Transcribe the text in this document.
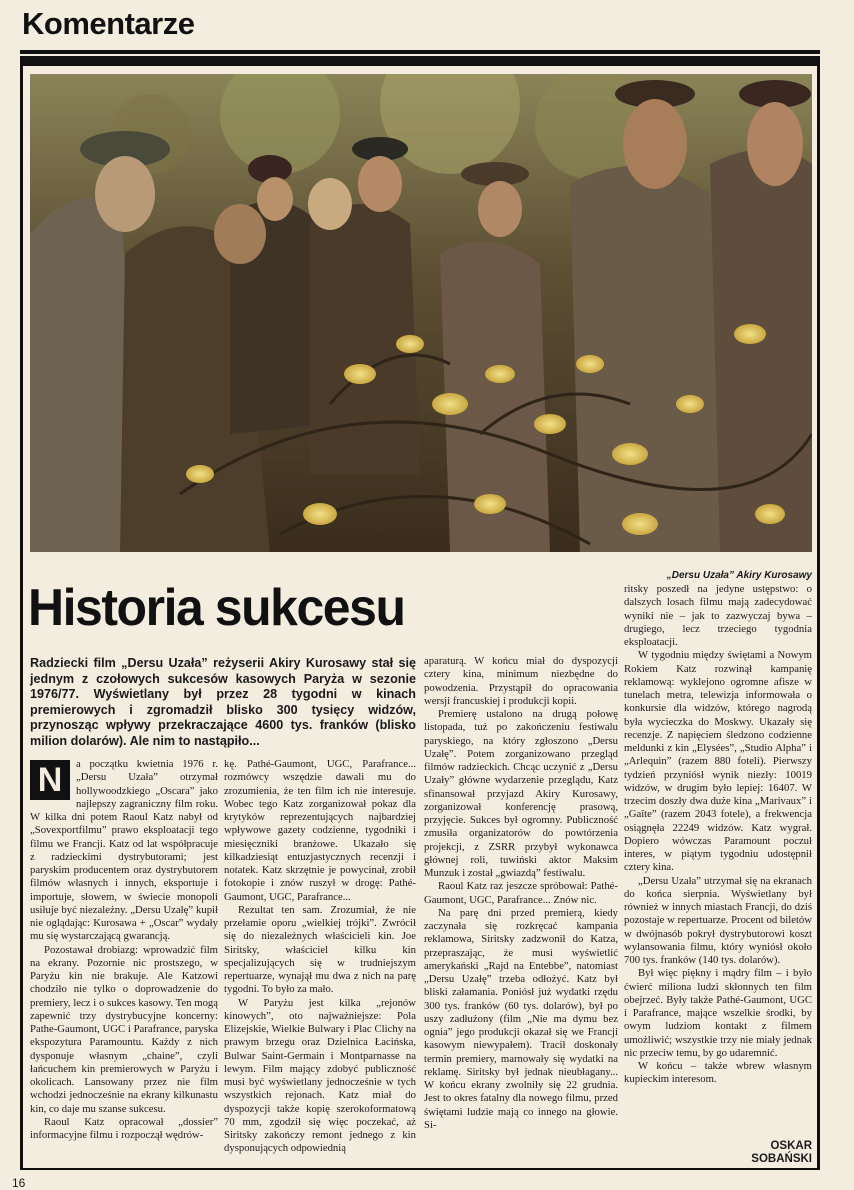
Komentarze
„Dersu Uzała” Akiry Kurosawy
Historia sukcesu
Radziecki film „Dersu Uzała” reżyserii Akiry Kurosawy stał się jednym z czołowych sukcesów kasowych Paryża w sezonie 1976/77. Wyświetlany był przez 28 tygodni w kinach premierowych i zgromadził blisko 300 tysięcy widzów, przynosząc wpływy przekraczające 4600 tys. franków (blisko milion dolarów). Ale nim to nastąpiło...

N	a początku kwietnia 1976 r. „Dersu Uzała” otrzymał hollywoodzkiego „Oscara” jako najlepszy zagraniczny film roku. W kilka dni potem Raoul Katz nabył od „Sovexportfilmu” prawo eksploatacji tego filmu we Francji. Katz od lat współpracuje z radzieckimi dystrybutorami; jest paryskim producentem oraz dystrybutorem filmów własnych i innych, eksportuje i importuje, słowem, w świecie monopoli usiłuje być niezależny. „Dersu Uzałę” kupił nie oglądając: Kurosawa + „Oscar” wydały mu się wystarczającą gwarancją.

Pozostawał drobiazg: wprowadzić film na ekrany. Pozornie nic prostszego, w Paryżu kin nie brakuje. Ale Katzowi chodziło nie tylko o doprowadzenie do premiery, lecz i o sukces kasowy. Ten mogą zapewnić trzy dystrybucyjne koncerny: Pathe-Gaumont, UGC i Parafrance, paryska ekspozytura Paramountu. Każdy z nich dysponuje własnym „chaine”, czyli łańcuchem kin premierowych w Paryżu i okolicach. Lansowany przez nie film wchodzi jednocześnie na ekrany kilkunastu kin, co daje mu szanse sukcesu.

Raoul Katz opracował „dossier” informacyjne filmu i rozpoczął wędrów-

kę. Pathé-Gaumont, UGC, Parafrance... rozmówcy wszędzie dawali mu do zrozumienia, że ten film ich nie interesuje. Wobec tego Katz zorganizował pokaz dla krytyków reprezentujących najbardziej wpływowe gazety codzienne, tygodniki i miesięczniki branżowe. Ukazało się kilkadziesiąt entuzjastycznych recenzji i notatek. Katz skrzętnie je powycinał, zrobił fotokopie i znów ruszył w drogę: Pathé-Gaumont, UGC, Parafrance...

Rezultat ten sam. Zrozumiał, że nie przełamie oporu „wielkiej trójki”. Zwrócił się do niezależnych właścicieli kin. Joe Siritsky, właściciel kilku kin specjalizujących się w trudniejszym repertuarze, wynajął mu dwa z nich na parę tygodni. To było za mało.

W Paryżu jest kilka „rejonów kinowych”, oto najważniejsze: Pola Elizejskie, Wielkie Bulwary i Plac Clichy na prawym brzegu oraz Dzielnica Łacińska, Bulwar Saint-Germain i Montparnasse na lewym. Film mający zdobyć publiczność musi być wyświetlany jednocześnie w tych wszystkich rejonach. Katz miał do dyspozycji także kopię szerokoformatową 70 mm, zgodził się więc poczekać, aż Siritsky zakończy remont jednego z kin dysponujących odpowiednią

aparaturą. W końcu miał do dyspozycji cztery kina, minimum niezbędne do powodzenia. Przystąpił do opracowania wersji francuskiej i produkcji kopii.

Premierę ustalono na drugą połowę listopada, tuż po zakończeniu festiwalu paryskiego, na który zgłoszono „Dersu Uzałę”. Potem zorganizowano przegląd filmów radzieckich. Chcąc uczynić z „Dersu Uzały” główne wydarzenie przeglądu, Katz sfinansował przyjazd Akiry Kurosawy, zorganizował konferencję prasową, przyjęcie. Sukces był ogromny. Publiczność zmusiła organizatorów do powtórzenia projekcji, z ZSRR przybył wykonawca głównej roli, tuwiński aktor Maksim Munzuk i został „gwiazdą” festiwalu.

Raoul Katz raz jeszcze spróbował: Pathé-Gaumont, UGC, Parafrance... Znów nic.

Na parę dni przed premierą, kiedy zaczynała się rozkręcać kampania reklamowa, Siritsky zadzwonił do Katza, przepraszając, że musi wyświetlić amerykański „Rajd na Entebbe”, natomiast „Dersu Uzałę” trzeba odłożyć. Katz był bliski załamania. Poniósł już wydatki rzędu 300 tys. franków (60 tys. dolarów), był po uszy zadłużony (film „Nie ma dymu bez ognia” jego produkcji okazał się we Francji kasowym niewypałem). Tracił doskonały termin premiery, marnowały się wydatki na reklamę. Siritsky był jednak nieubłagany... W końcu ekrany zwolniły się 22 grudnia. Jest to okres fatalny dla nowego filmu, przed świętami ludzie mają co innego na głowie. Si-

ritsky poszedł na jedyne ustępstwo: o dalszych losach filmu mają zadecydować wyniki nie – jak to zazwyczaj bywa – drugiego, lecz trzeciego tygodnia eksploatacji.

W tygodniu między świętami a Nowym Rokiem Katz rozwinął kampanię reklamową: wyklejono ogromne afisze w tunelach metra, telewizja informowała o konkursie dla widzów, którego nagrodą była wycieczka do Moskwy. Ukazały się recenzje. Z napięciem śledzono codzienne meldunki z kin „Elysées”, „Studio Alpha” i „Arlequin” (razem 880 foteli). Pierwszy tydzień przyniósł wynik niezły: 10019 widzów, w drugim było lepiej: 16407. W trzecim doszły dwa duże kina „Marivaux” i „Gaîte” (razem 2043 fotele), a frekwencja osiągnęła 22249 widzów. Katz wygrał. Dopiero wówczas Paramount poczuł interes, w piątym tygodniu udostępnił cztery kina.

„Dersu Uzała” utrzymał się na ekranach do końca sierpnia. Wyświetlany był również w innych miastach Francji, do dziś pozostaje w repertuarze. Procent od biletów w dwójnasób pokrył dystrybutorowi koszt wylansowania filmu, który wyniósł około 700 tys. franków (140 tys. dolarów).

Był więc piękny i mądry film – i było ćwierć miliona ludzi skłonnych ten film obejrzeć. Były także Pathé-Gaumont, UGC i Parafrance, mające wszelkie środki, by owym ludziom kontakt z filmem umożliwić; wszystkie trzy nie miały jednak nic przeciw temu, by go udaremnić.

W końcu – także wbrew własnym kupieckim interesom.

OSKAR
SOBAŃSKI
16
